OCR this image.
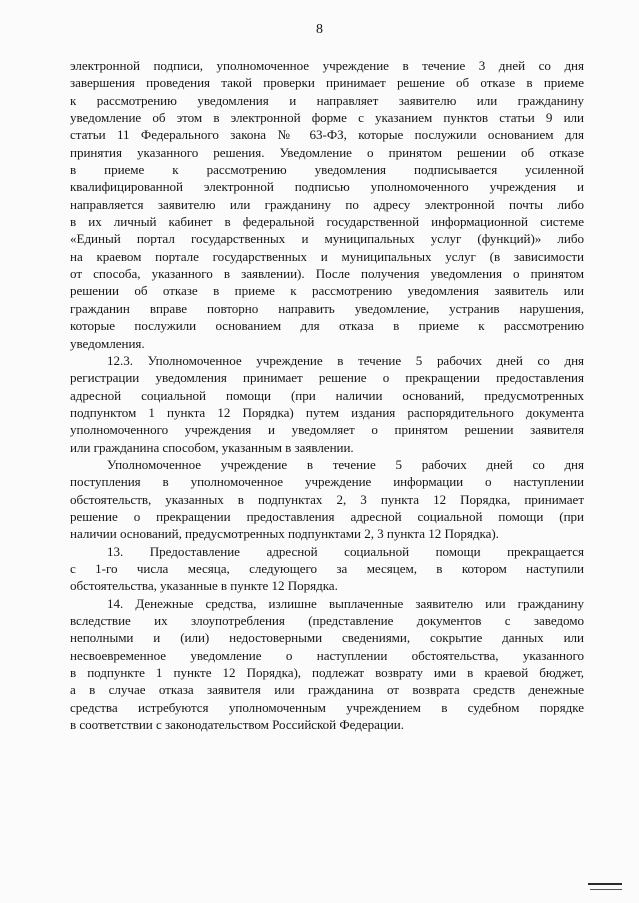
8
электронной подписи, уполномоченное учреждение в течение 3 дней со дня
завершения проведения такой проверки принимает решение об отказе в приеме
к рассмотрению уведомления и направляет заявителю или гражданину
уведомление об этом в электронной форме с указанием пунктов статьи 9 или
статьи 11 Федерального закона № 63-ФЗ, которые послужили основанием для
принятия указанного решения. Уведомление о принятом решении об отказе
в приеме к рассмотрению уведомления подписывается усиленной
квалифицированной электронной подписью уполномоченного учреждения и
направляется заявителю или гражданину по адресу электронной почты либо
в их личный кабинет в федеральной государственной информационной системе
«Единый портал государственных и муниципальных услуг (функций)» либо
на краевом портале государственных и муниципальных услуг (в зависимости
от способа, указанного в заявлении). После получения уведомления о принятом
решении об отказе в приеме к рассмотрению уведомления заявитель или
гражданин вправе повторно направить уведомление, устранив нарушения,
которые послужили основанием для отказа в приеме к рассмотрению
уведомления.
12.3. Уполномоченное учреждение в течение 5 рабочих дней со дня
регистрации уведомления принимает решение о прекращении предоставления
адресной социальной помощи (при наличии оснований, предусмотренных
подпунктом 1 пункта 12 Порядка) путем издания распорядительного документа
уполномоченного учреждения и уведомляет о принятом решении заявителя
или гражданина способом, указанным в заявлении.
Уполномоченное учреждение в течение 5 рабочих дней со дня
поступления в уполномоченное учреждение информации о наступлении
обстоятельств, указанных в подпунктах 2, 3 пункта 12 Порядка, принимает
решение о прекращении предоставления адресной социальной помощи (при
наличии оснований, предусмотренных подпунктами 2, 3 пункта 12 Порядка).
13. Предоставление адресной социальной помощи прекращается
с 1-го числа месяца, следующего за месяцем, в котором наступили
обстоятельства, указанные в пункте 12 Порядка.
14. Денежные средства, излишне выплаченные заявителю или гражданину
вследствие их злоупотребления (представление документов с заведомо
неполными и (или) недостоверными сведениями, сокрытие данных или
несвоевременное уведомление о наступлении обстоятельства, указанного
в подпункте 1 пункте 12 Порядка), подлежат возврату ими в краевой бюджет,
а в случае отказа заявителя или гражданина от возврата средств денежные
средства истребуются уполномоченным учреждением в судебном порядке
в соответствии с законодательством Российской Федерации.
